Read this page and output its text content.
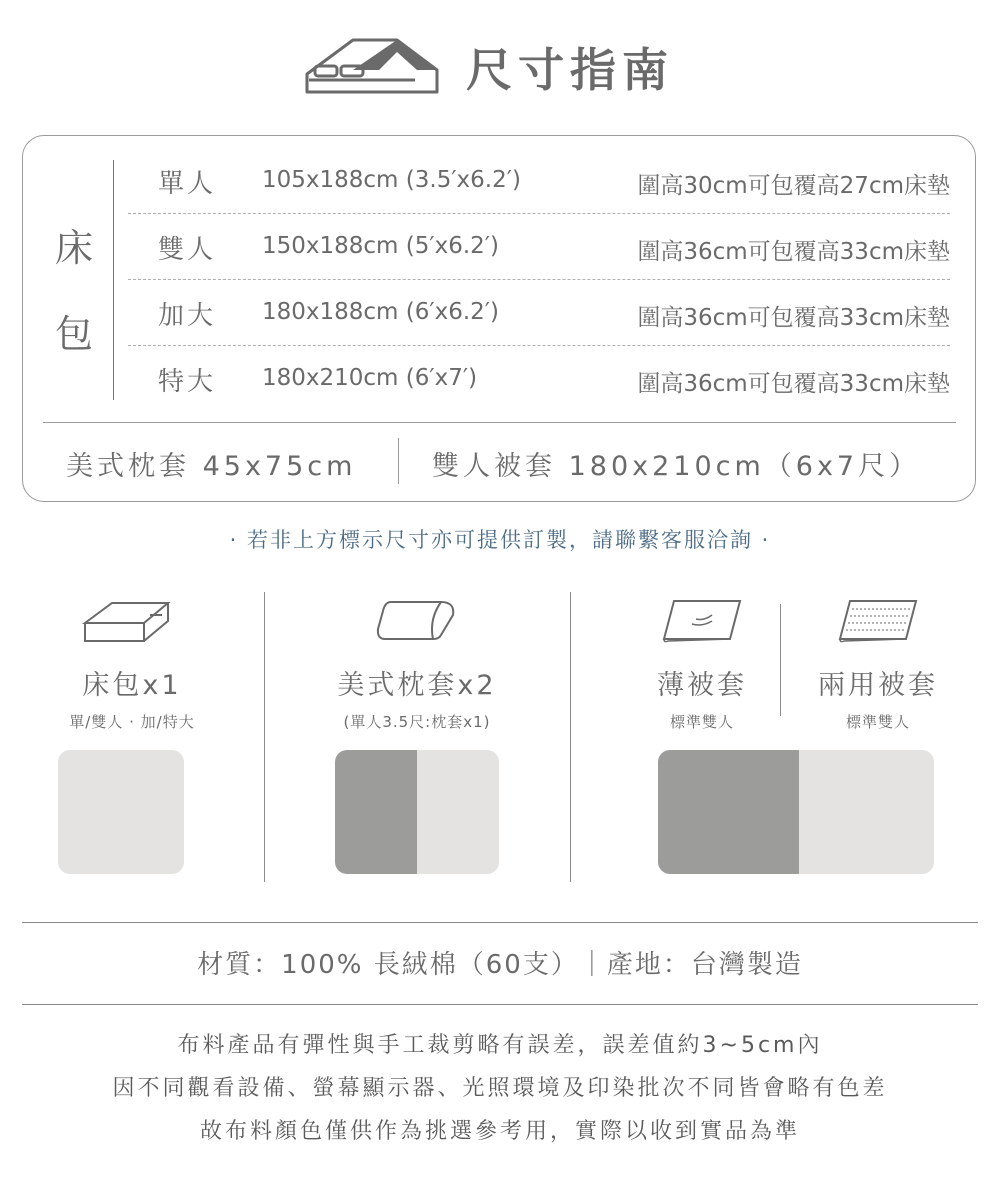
尺寸指南
床
包
單人 105x188cm (3.5′x6.2′)	圍高30cm可包覆高27cm床墊
雙人 150x188cm (5′x6.2′)	圍高36cm可包覆高33cm床墊
加大 180x188cm (6′x6.2′)	圍高36cm可包覆高33cm床墊
特大 180x210cm (6′x7′)	圍高36cm可包覆高33cm床墊
美式枕套 45x75cm	雙人被套 180x210cm（6x7尺）
· 若非上方標示尺寸亦可提供訂製，請聯繫客服洽詢 ·
床包x1
單/雙人 · 加/特大
美式枕套x2
(單人3.5尺:枕套x1)
薄被套
標準雙人
兩用被套
標準雙人
材質：100% 長絨棉（60支）｜產地：台灣製造
布料產品有彈性與手工裁剪略有誤差，誤差值約3~5cm內
因不同觀看設備、螢幕顯示器、光照環境及印染批次不同皆會略有色差
故布料顏色僅供作為挑選參考用，實際以收到實品為準
